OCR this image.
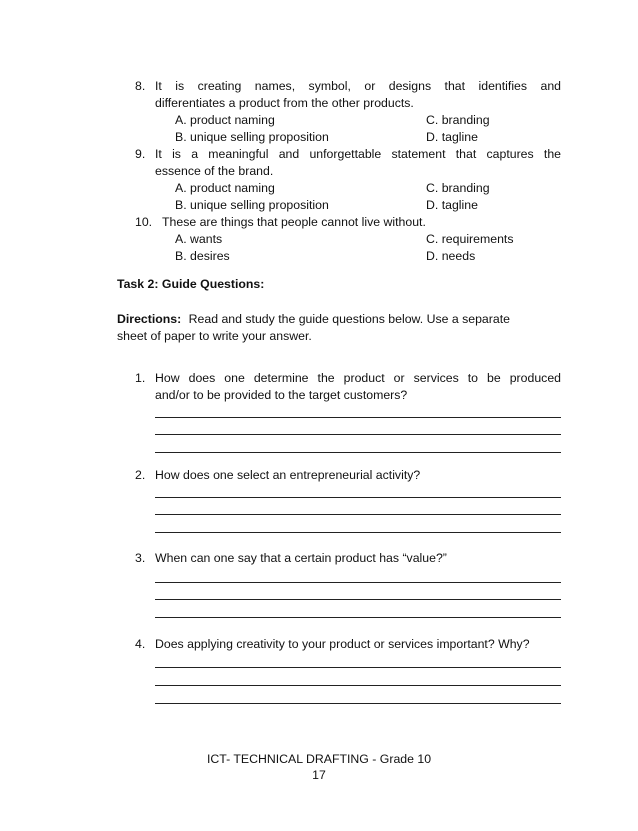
8. It is creating names, symbol, or designs that identifies and
differentiates a product from the other products.
A. product naming	C. branding
B. unique selling proposition	D. tagline
9. It is a meaningful and unforgettable statement that captures the
essence of the brand.
A. product naming	C. branding
B. unique selling proposition	D. tagline
10. These are things that people cannot live without.
A. wants	C. requirements
B. desires	D. needs
Task 2: Guide Questions:
Directions: Read and study the guide questions below. Use a separate
sheet of paper to write your answer.
1. How does one determine the product or services to be produced
and/or to be provided to the target customers?
2. How does one select an entrepreneurial activity?
3. When can one say that a certain product has “value?”
4. Does applying creativity to your product or services important? Why?
ICT- TECHNICAL DRAFTING - Grade 10
17
